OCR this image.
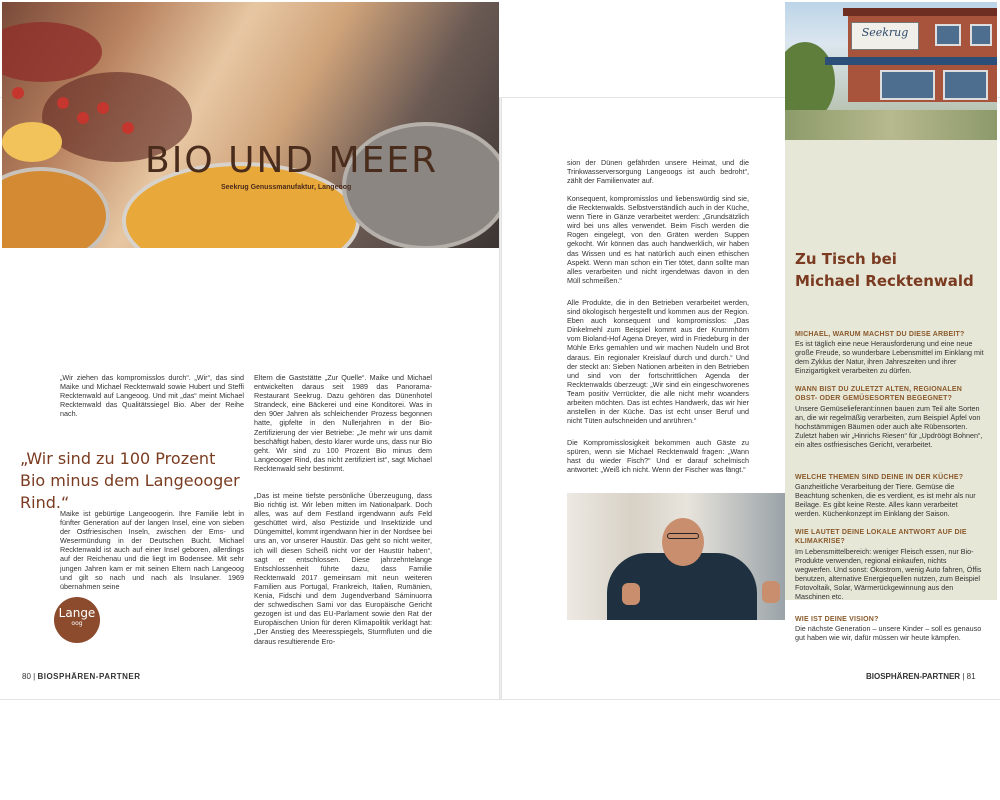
BIO UND MEER
Seekrug Genussmanufaktur, Langeoog

„Wir ziehen das kompromisslos durch“. „Wir“, das sind Maike und Michael Recktenwald sowie Hubert und Steffi Recktenwald auf Langeoog. Und mit „das“ meint Michael Recktenwald das Qualitätssiegel Bio. Aber der Reihe nach.

„Wir sind zu 100 Prozent Bio minus dem Langeooger Rind.“

Maike ist gebürtige Langeoogerin. Ihre Familie lebt in fünfter Generation auf der langen Insel, eine von sieben der Ostfriesischen Inseln, zwischen der Ems- und Wesermündung in der Deutschen Bucht. Michael Recktenwald ist auch auf einer Insel geboren, allerdings auf der Reichenau und die liegt im Bodensee. Mit sehr jungen Jahren kam er mit seinen Eltern nach Langeoog und gilt so nach und nach als Insulaner. 1969 übernahmen seine

Eltern die Gaststätte „Zur Quelle“. Maike und Michael entwickelten daraus seit 1989 das Panorama-Restaurant Seekrug. Dazu gehören das Dünenhotel Strandeck, eine Bäckerei und eine Konditorei. Was in den 90er Jahren als schleichender Prozess begonnen hatte, gipfelte in den Nullerjahren in der Bio-Zertifizierung der vier Betriebe: „Je mehr wir uns damit beschäftigt haben, desto klarer wurde uns, dass nur Bio geht. Wir sind zu 100 Prozent Bio minus dem Langeooger Rind, das nicht zertifiziert ist“, sagt Michael Recktenwald sehr bestimmt.

„Das ist meine tiefste persönliche Überzeugung, dass Bio richtig ist. Wir leben mitten im Nationalpark. Doch alles, was auf dem Festland irgendwann aufs Feld geschüttet wird, also Pestizide und Insektizide und Düngemittel, kommt irgendwann hier in der Nordsee bei uns an, vor unserer Haustür. Das geht so nicht weiter, ich will diesen Scheiß nicht vor der Haustür haben“, sagt er entschlossen. Diese jahrzehntelange Entschlossenheit führte dazu, dass Familie Recktenwald 2017 gemeinsam mit neun weiteren Familien aus Portugal, Frankreich, Italien, Rumänien, Kenia, Fidschi und dem Jugendverband Sáminuorra der schwedischen Sami vor das Europäische Gericht gezogen ist und das EU-Parlament sowie den Rat der Europäischen Union für deren Klimapolitik verklagt hat: „Der Anstieg des Meeresspiegels, Sturmfluten und die daraus resultierende Ero-

Lange
oog
80 | BIOSPHÄREN-PARTNER

sion der Dünen gefährden unsere Heimat, und die Trinkwasserversorgung Langeoogs ist auch bedroht“, zählt der Familienvater auf.

Konsequent, kompromisslos und liebenswürdig sind sie, die Recktenwalds. Selbstverständlich auch in der Küche, wenn Tiere in Gänze verarbeitet werden: „Grundsätzlich wird bei uns alles verwendet. Beim Fisch werden die Rogen eingelegt, von den Gräten werden Suppen gekocht. Wir können das auch handwerklich, wir haben das Wissen und es hat natürlich auch einen ethischen Aspekt. Wenn man schon ein Tier tötet, dann sollte man alles verarbeiten und nicht irgendetwas davon in den Müll schmeißen.“

Alle Produkte, die in den Betrieben verarbeitet werden, sind ökologisch hergestellt und kommen aus der Region. Eben auch konsequent und kompromisslos: „Das Dinkelmehl zum Beispiel kommt aus der Krummhörn vom Bioland-Hof Agena Dreyer, wird in Friedeburg in der Mühle Erks gemahlen und wir machen Nudeln und Brot daraus. Ein regionaler Kreislauf durch und durch.“ Und der steckt an: Sieben Nationen arbeiten in den Betrieben und sind von der fortschrittlichen Agenda der Recktenwalds überzeugt: „Wir sind ein eingeschworenes Team positiv Verrückter, die alle nicht mehr woanders arbeiten möchten. Das ist echtes Handwerk, das wir hier anstellen in der Küche. Das ist echt unser Beruf und nicht Tüten aufschneiden und anrühren.“

Die Kompromisslosigkeit bekommen auch Gäste zu spüren, wenn sie Michael Recktenwald fragen: „Wann hast du wieder Fisch?“ Und er darauf schelmisch antwortet: „Weiß ich nicht. Wenn der Fischer was fängt.“

Seekrug
Zu Tisch bei
Michael Recktenwald

MICHAEL, WARUM MACHST DU DIESE ARBEIT?

Es ist täglich eine neue Herausforderung und eine neue große Freude, so wunderbare Lebensmittel im Einklang mit dem Zyklus der Natur, ihren Jahreszeiten und ihrer Einzigartigkeit verarbeiten zu dürfen.

WANN BIST DU ZULETZT ALTEN, REGIONALEN OBST- ODER GEMÜSESORTEN BEGEGNET?

Unsere Gemüselieferant:innen bauen zum Teil alte Sorten an, die wir regelmäßig verarbeiten, zum Beispiel Äpfel von hochstämmigen Bäumen oder auch alte Rübensorten. Zuletzt haben wir „Hinrichs Riesen“ für „Updröögt Bohnen“, ein altes ostfriesisches Gericht, verarbeitet.

WELCHE THEMEN SIND DEINE IN DER KÜCHE?

Ganzheitliche Verarbeitung der Tiere. Gemüse die Beachtung schenken, die es verdient, es ist mehr als nur Beilage. Es gibt keine Reste. Alles kann verarbeitet werden. Küchenkonzept im Einklang der Saison.

WIE LAUTET DEINE LOKALE ANTWORT AUF DIE KLIMAKRISE?

Im Lebensmittelbereich: weniger Fleisch essen, nur Bio-Produkte verwenden, regional einkaufen, nichts wegwerfen. Und sonst: Ökostrom, wenig Auto fahren, Öffis benutzen, alternative Energiequellen nutzen, zum Beispiel Fotovoltaik, Solar, Wärmerückgewinnung aus den Maschinen etc.

WIE IST DEINE VISION?

Die nächste Generation – unsere Kinder – soll es genauso gut haben wie wir, dafür müssen wir heute kämpfen.

BIOSPHÄREN-PARTNER | 81
